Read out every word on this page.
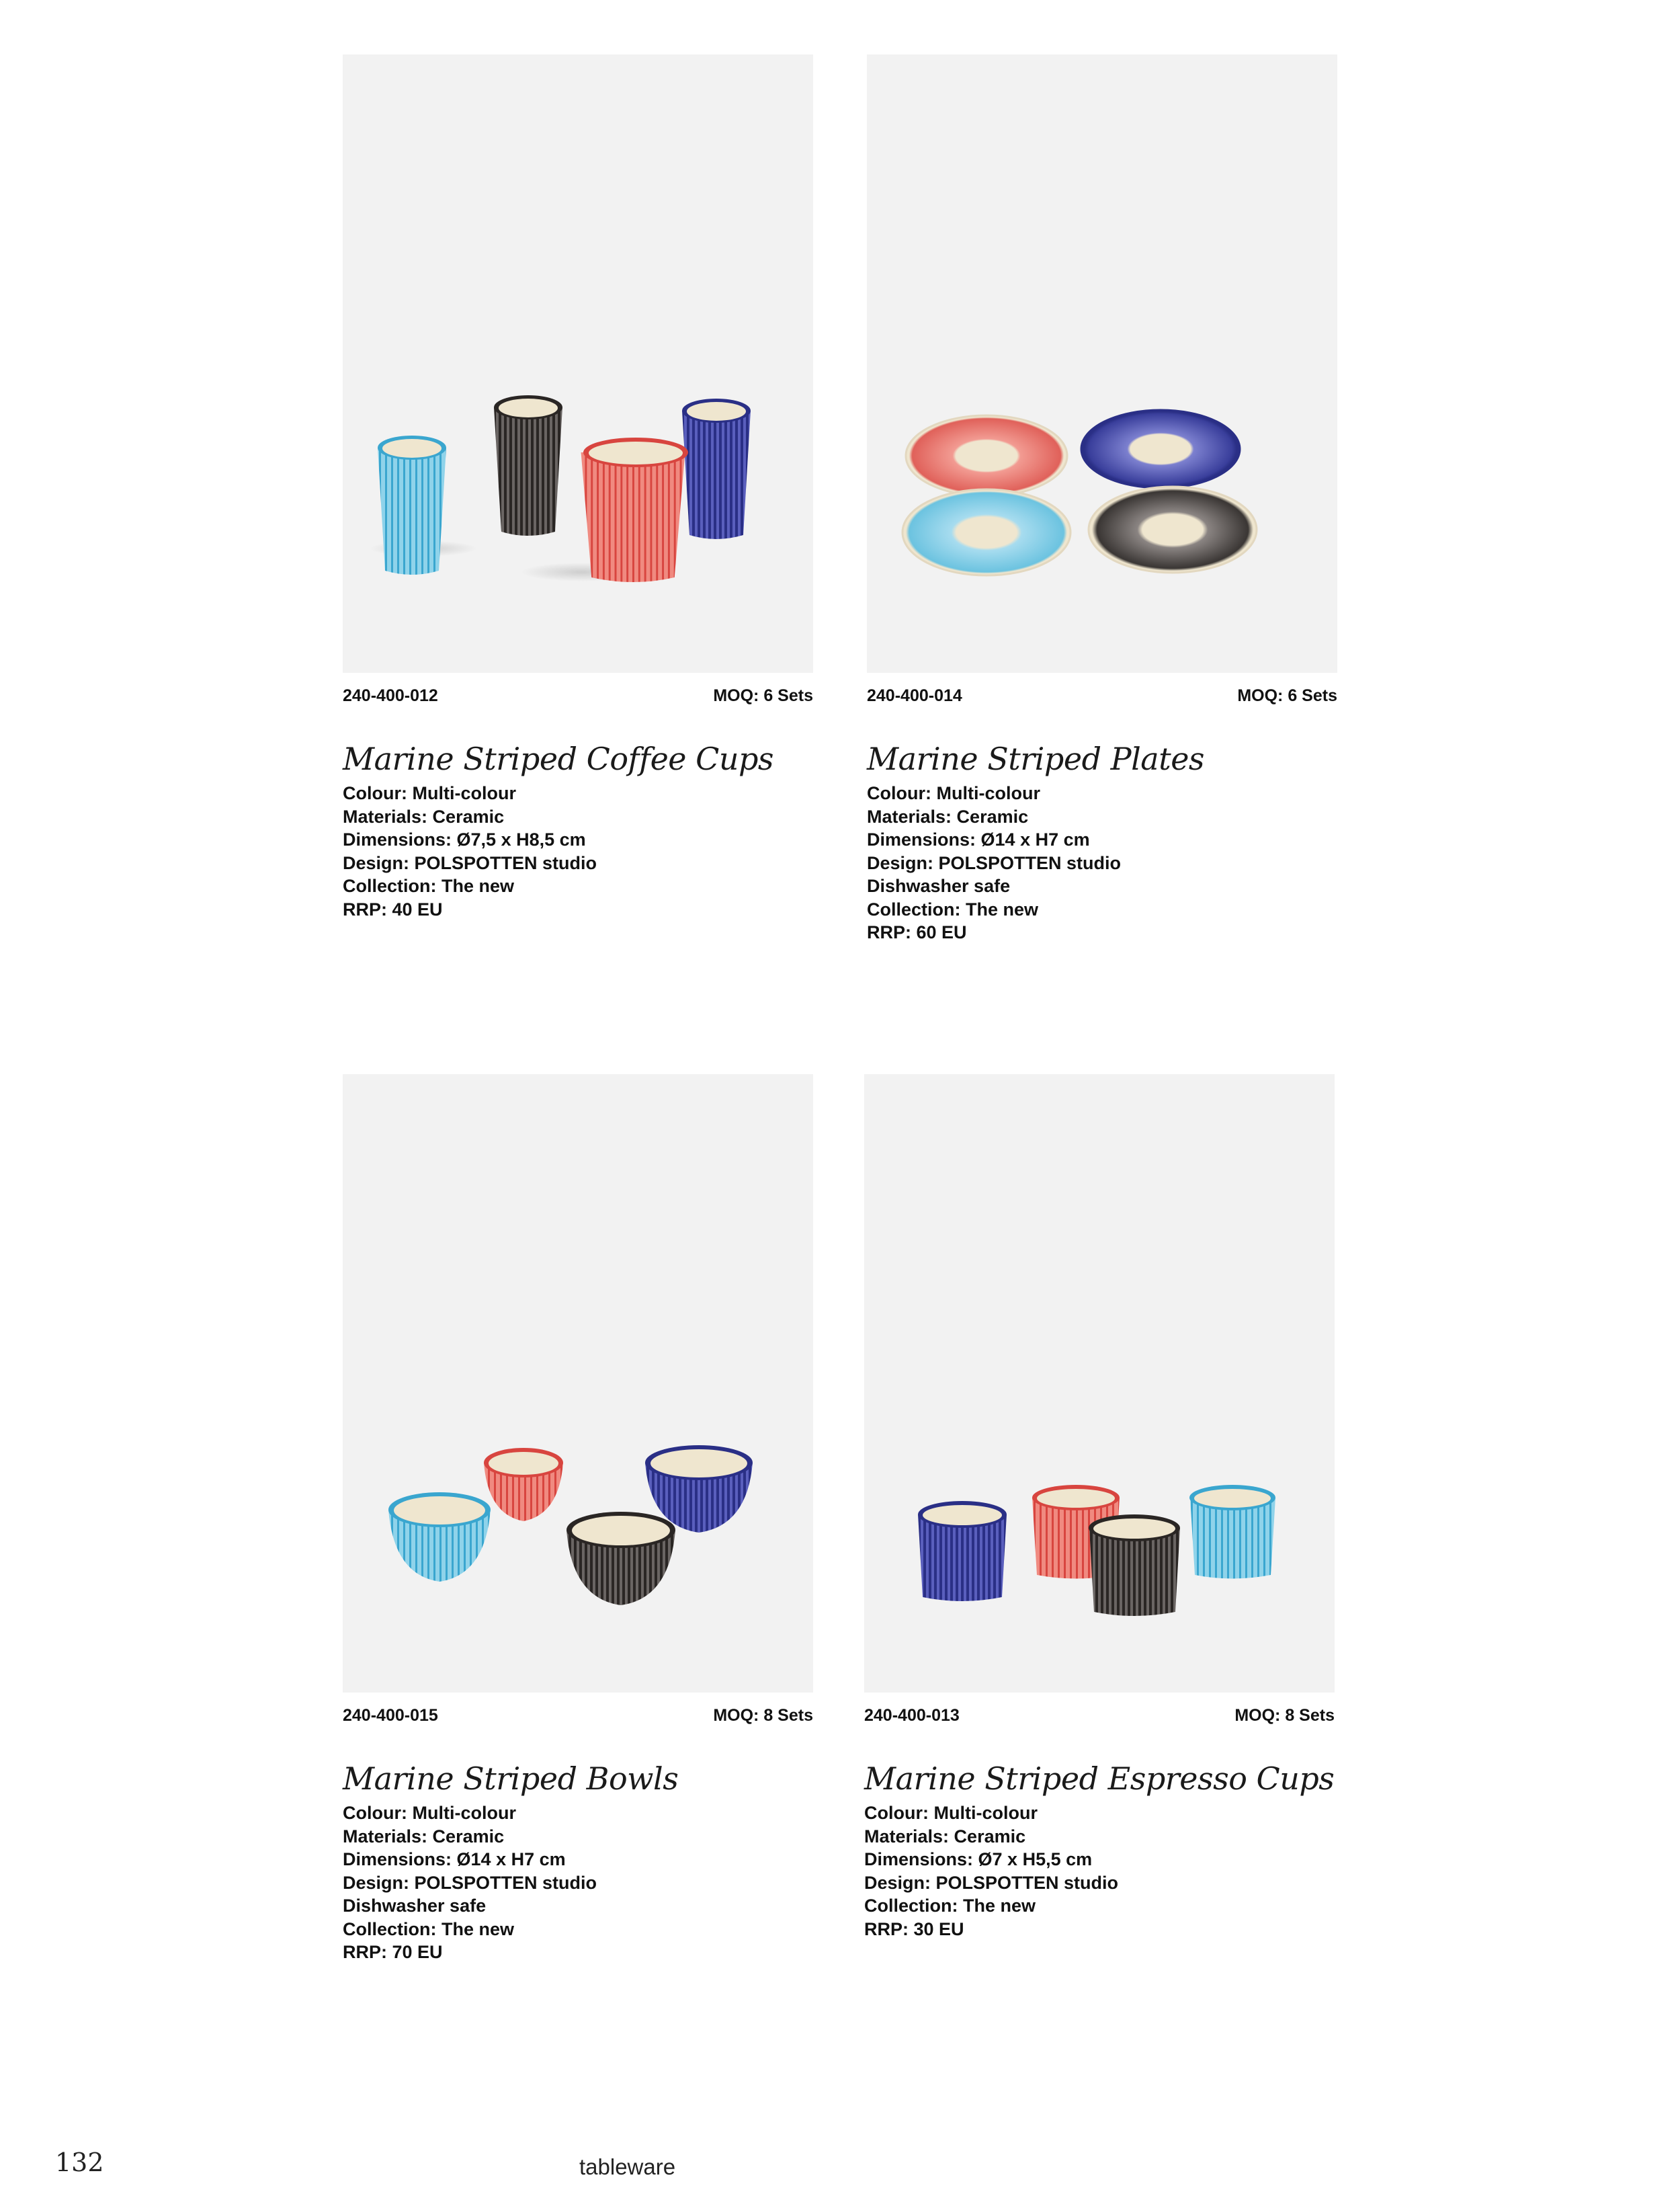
240-400-012	MOQ: 6 Sets
Marine Striped Coffee Cups
Colour: Multi-colour
Materials: Ceramic
Dimensions: Ø7,5 x H8,5 cm
Design: POLSPOTTEN studio
Collection: The new
RRP: 40 EU
240-400-014	MOQ: 6 Sets
Marine Striped Plates
Colour: Multi-colour
Materials: Ceramic
Dimensions: Ø14 x H7 cm
Design: POLSPOTTEN studio
Dishwasher safe
Collection: The new
RRP: 60 EU
240-400-015	MOQ: 8 Sets
Marine Striped Bowls
Colour: Multi-colour
Materials: Ceramic
Dimensions: Ø14 x H7 cm
Design: POLSPOTTEN studio
Dishwasher safe
Collection: The new
RRP: 70 EU
240-400-013	MOQ: 8 Sets
Marine Striped Espresso Cups
Colour: Multi-colour
Materials: Ceramic
Dimensions: Ø7 x H5,5 cm
Design: POLSPOTTEN studio
Collection: The new
RRP: 30 EU
132	tableware
